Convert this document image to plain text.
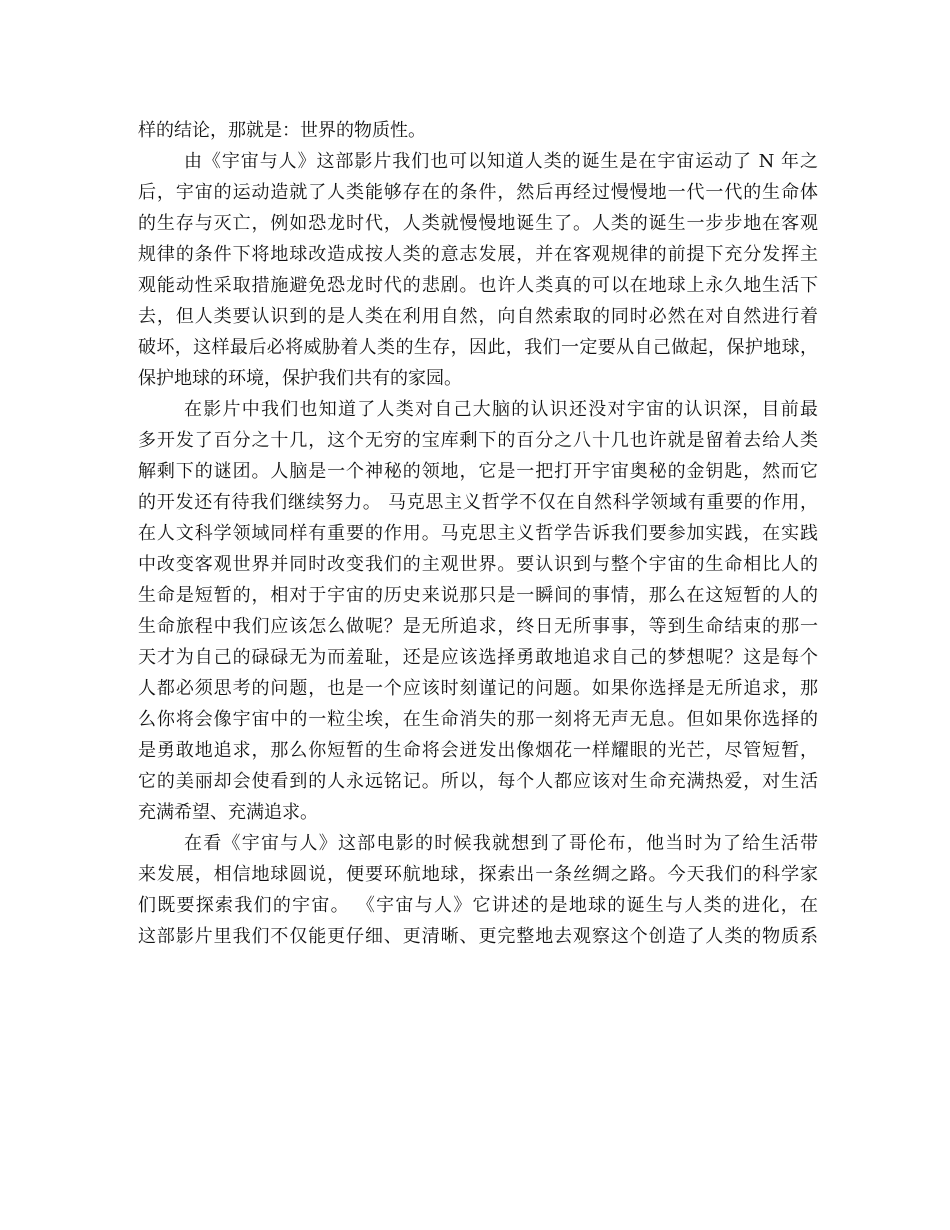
样的结论，那就是：世界的物质性。
由《宇宙与人》这部影片我们也可以知道人类的诞生是在宇宙运动了 N 年之
后，宇宙的运动造就了人类能够存在的条件，然后再经过慢慢地一代一代的生命体
的生存与灭亡，例如恐龙时代，人类就慢慢地诞生了。人类的诞生一步步地在客观
规律的条件下将地球改造成按人类的意志发展，并在客观规律的前提下充分发挥主
观能动性采取措施避免恐龙时代的悲剧。也许人类真的可以在地球上永久地生活下
去，但人类要认识到的是人类在利用自然，向自然索取的同时必然在对自然进行着
破坏，这样最后必将威胁着人类的生存，因此，我们一定要从自己做起，保护地球，
保护地球的环境，保护我们共有的家园。
在影片中我们也知道了人类对自己大脑的认识还没对宇宙的认识深，目前最
多开发了百分之十几，这个无穷的宝库剩下的百分之八十几也许就是留着去给人类
解剩下的谜团。人脑是一个神秘的领地，它是一把打开宇宙奥秘的金钥匙，然而它
的开发还有待我们继续努力。 马克思主义哲学不仅在自然科学领域有重要的作用，
在人文科学领域同样有重要的作用。马克思主义哲学告诉我们要参加实践，在实践
中改变客观世界并同时改变我们的主观世界。要认识到与整个宇宙的生命相比人的
生命是短暂的，相对于宇宙的历史来说那只是一瞬间的事情，那么在这短暂的人的
生命旅程中我们应该怎么做呢？是无所追求，终日无所事事，等到生命结束的那一
天才为自己的碌碌无为而羞耻，还是应该选择勇敢地追求自己的梦想呢？这是每个
人都必须思考的问题，也是一个应该时刻谨记的问题。如果你选择是无所追求，那
么你将会像宇宙中的一粒尘埃，在生命消失的那一刻将无声无息。但如果你选择的
是勇敢地追求，那么你短暂的生命将会迸发出像烟花一样耀眼的光芒，尽管短暂，
它的美丽却会使看到的人永远铭记。所以，每个人都应该对生命充满热爱，对生活
充满希望、充满追求。
在看《宇宙与人》这部电影的时候我就想到了哥伦布，他当时为了给生活带
来发展，相信地球圆说，便要环航地球，探索出一条丝绸之路。今天我们的科学家
们既要探索我们的宇宙。 《宇宙与人》它讲述的是地球的诞生与人类的进化，在
这部影片里我们不仅能更仔细、更清晰、更完整地去观察这个创造了人类的物质系
